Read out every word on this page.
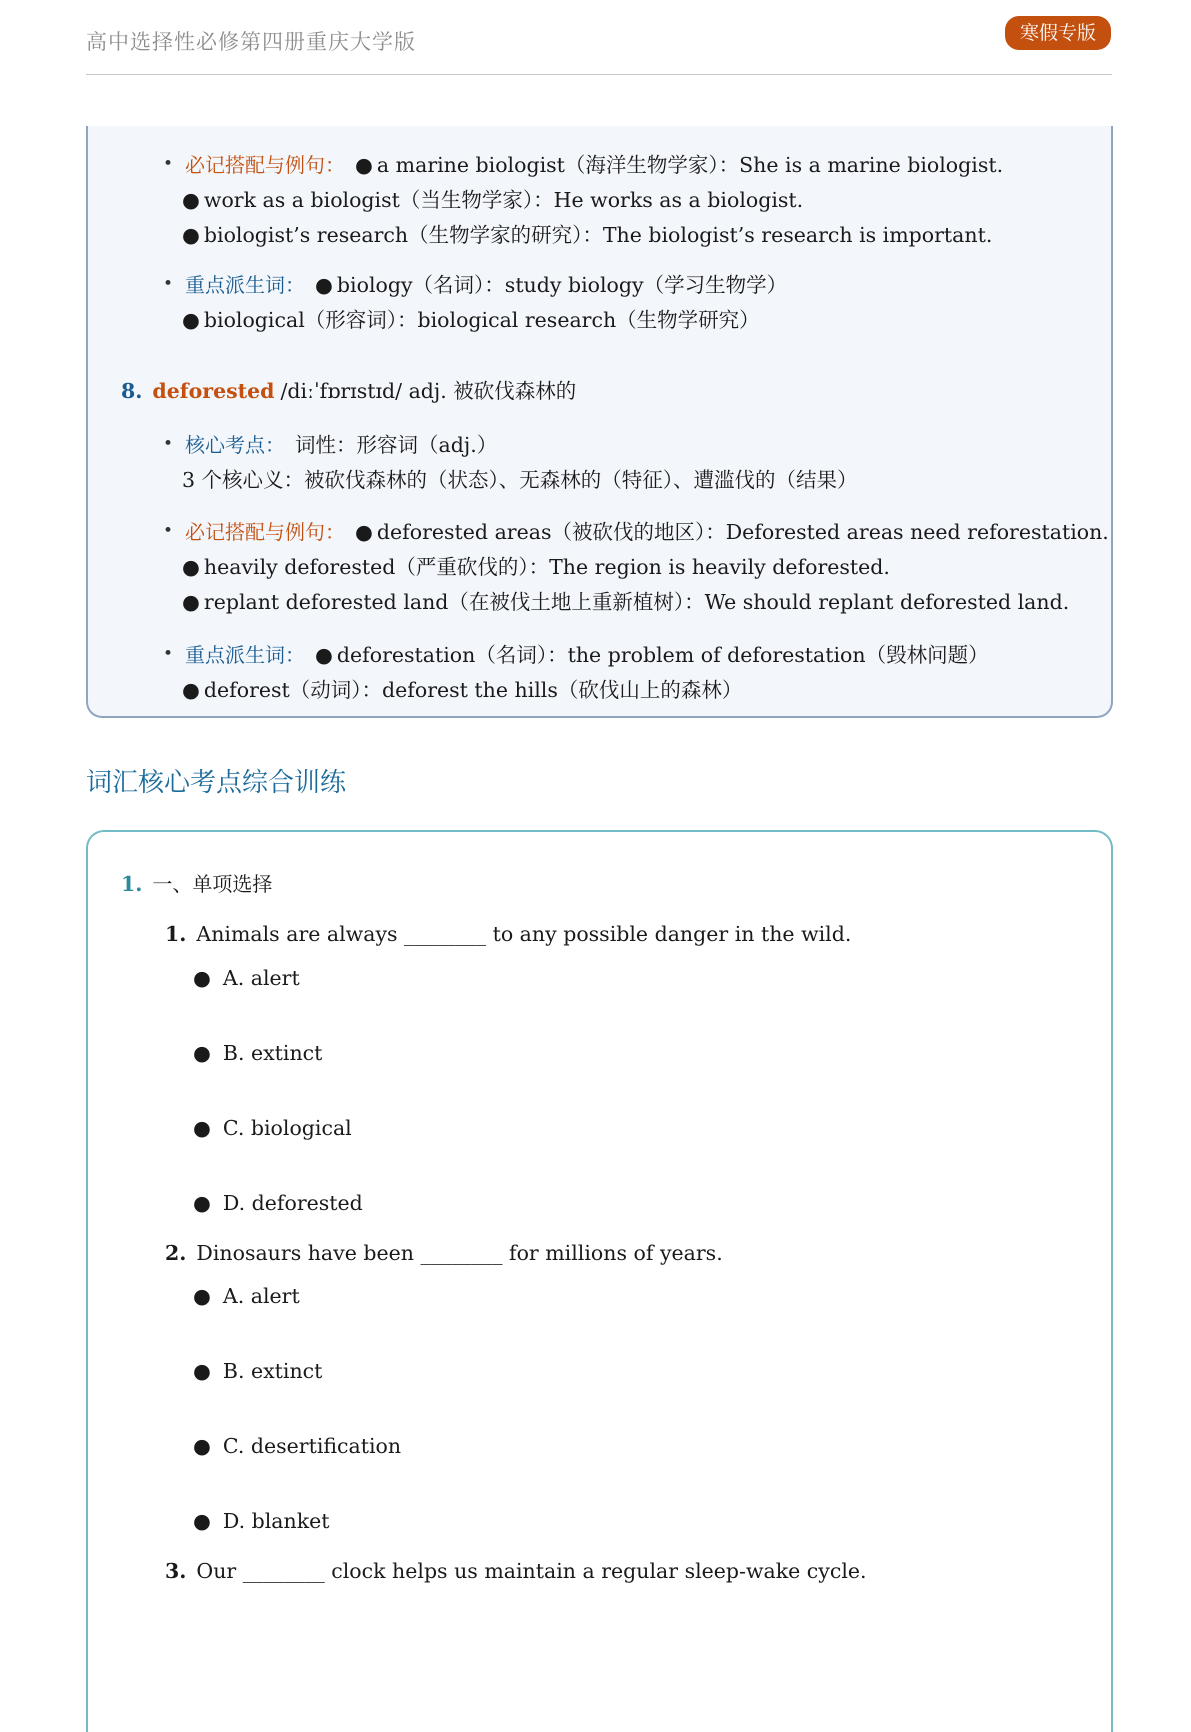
高中选择性必修第四册重庆大学版	寒假专版
• 必记搭配与例句： ● a marine biologist（海洋生物学家）：She is a marine biologist.
● work as a biologist（当生物学家）：He works as a biologist.
● biologist’s research（生物学家的研究）：The biologist’s research is important.
• 重点派生词： ● biology（名词）：study biology（学习生物学）
● biological（形容词）：biological research（生物学研究）
8. deforested /diːˈfɒrɪstɪd/ adj. 被砍伐森林的
• 核心考点： 词性：形容词（adj.）
3 个核心义：被砍伐森林的（状态）、无森林的（特征）、遭滥伐的（结果）
• 必记搭配与例句： ● deforested areas（被砍伐的地区）：Deforested areas need reforestation.
● heavily deforested（严重砍伐的）：The region is heavily deforested.
● replant deforested land（在被伐土地上重新植树）：We should replant deforested land.
• 重点派生词： ● deforestation（名词）：the problem of deforestation（毁林问题）
● deforest（动词）：deforest the hills（砍伐山上的森林）
词汇核心考点综合训练
1. 一、单项选择
1. Animals are always ________ to any possible danger in the wild.
● A. alert
● B. extinct
● C. biological
● D. deforested
2. Dinosaurs have been ________ for millions of years.
● A. alert
● B. extinct
● C. desertification
● D. blanket
3. Our ________ clock helps us maintain a regular sleep-wake cycle.
